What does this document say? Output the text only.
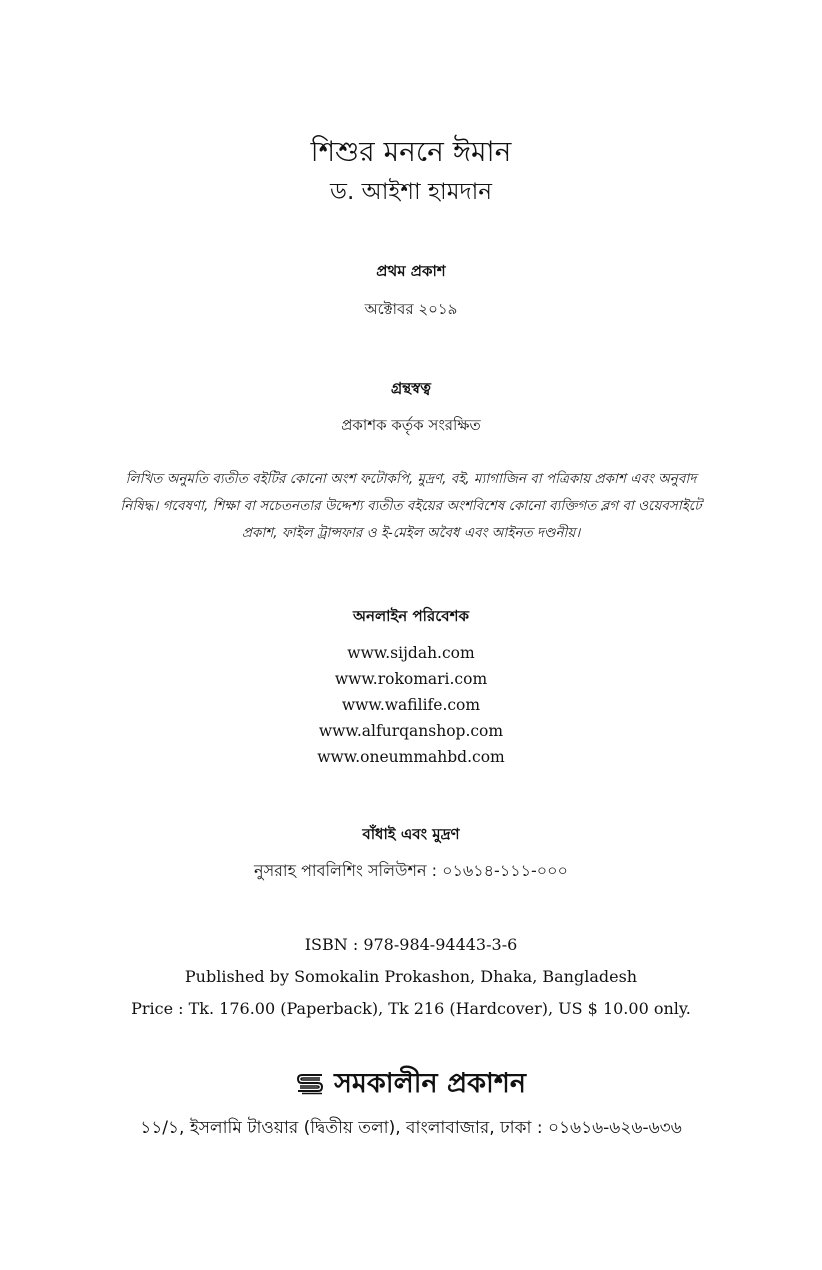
শিশুর মননে ঈমান
ড. আইশা হামদান
প্রথম প্রকাশ
অক্টোবর ২০১৯
গ্রন্থস্বত্ব
প্রকাশক কর্তৃক সংরক্ষিত
লিখিত অনুমতি ব্যতীত বইটির কোনো অংশ ফটোকপি, মুদ্রণ, বই, ম্যাগাজিন বা পত্রিকায় প্রকাশ এবং অনুবাদ
নিষিদ্ধ। গবেষণা, শিক্ষা বা সচেতনতার উদ্দেশ্য ব্যতীত বইয়ের অংশবিশেষ কোনো ব্যক্তিগত ব্লগ বা ওয়েবসাইটে
প্রকাশ, ফাইল ট্রান্সফার ও ই-মেইল অবৈধ এবং আইনত দণ্ডনীয়।
অনলাইন পরিবেশক
www.sijdah.com
www.rokomari.com
www.wafilife.com
www.alfurqanshop.com
www.oneummahbd.com
বাঁধাই এবং মুদ্রণ
নুসরাহ পাবলিশিং সলিউশন : ০১৬১৪-১১১-০০০
ISBN : 978-984-94443-3-6
Published by Somokalin Prokashon, Dhaka, Bangladesh
Price : Tk. 176.00 (Paperback), Tk 216 (Hardcover), US $ 10.00 only.
সমকালীন প্রকাশন
১১/১, ইসলামি টাওয়ার (দ্বিতীয় তলা), বাংলাবাজার, ঢাকা : ০১৬১৬-৬২৬-৬৩৬
